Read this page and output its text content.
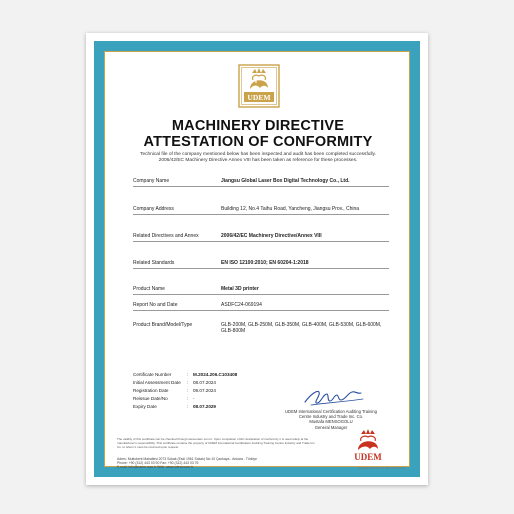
UDEM
MACHINERY DIRECTIVE
ATTESTATION OF CONFORMITY
Technical file of the company mentioned below has been inspected and audit has been completed successfully. 2006/42/EC Machinery Directive Annex VIII has been taken as reference for these processes.
Company Name	Jiangsu Global Laser Box Digital Technology Co., Ltd.
Company Address	Building 12, No.4 Taihu Road, Yancheng, Jiangsu Prov., China
Related Directives and Annex	2006/42/EC Machinery Directive/Annex VIII
Related Standards	EN ISO 12100:2010; EN 60204-1:2018
Product Name	Metal 3D printer
Report No and Date	ASDFC24-069194
Product Brand/Model/Type	GLB-200M, GLB-250M, GLB-350M, GLB-400M, GLB-530M, GLB-600M, GLB-800M
Certificate Number	: M.2024.206.C103408
Initial Assessment Date : 08.07.2024
Registration Date	: 09.07.2024
Reissue Date/No	: -
Expiry Date	: 08.07.2029
UDEM International Certification Auditing Training Centre Industry and Trade Inc. Co.
Mustafa MENSOGOLU
General Manager
The validity of this certificate can be checked through www.udem.com.tr. Upon completion of EC declaration of conformity, it is used solely at the manufacturer's responsibility. This certificate remains the property of UDEM International Certification Auditing Training Centre Industry and Trade Inc. Co. to whom it must be returned upon request.
Adres: Mutlukent Mahallesi 2073 Sokak (Eski 1961 Sokak) No:10 Çankaya - Ankara - Türkiye
Phone: +90 (312) 443 03 90 Fax: +90 (312) 443 03 76
E-mail: info@udem.com.tr Web: www.udem.com.tr
UDEM
UDEM-FRM-KRD-01 REV.02 01.2024
